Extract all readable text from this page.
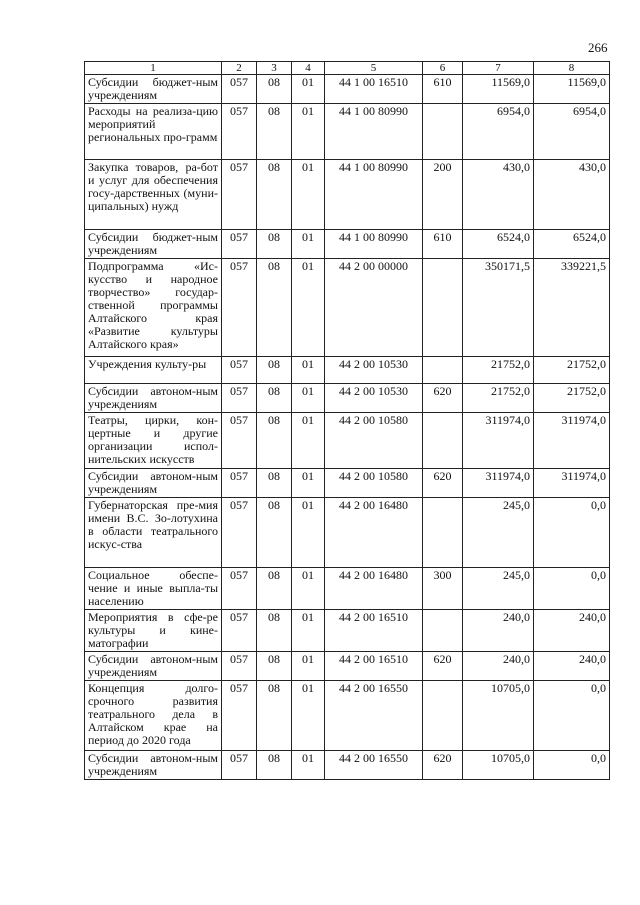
266
1	2	3	4	5	6	7	8
Субсидии бюджет-ным учреждениям	057	08	01	44 1 00 16510	610	11569,0	11569,0
Расходы на реализа-цию мероприятий региональных про-грамм	057	08	01	44 1 00 80990		6954,0	6954,0
Закупка товаров, ра-бот и услуг для обеспечения госу-дарственных (муни-ципальных) нужд	057	08	01	44 1 00 80990	200	430,0	430,0
Субсидии бюджет-ным учреждениям	057	08	01	44 1 00 80990	610	6524,0	6524,0
Подпрограмма «Ис-кусство и народное творчество» государ-ственной программы Алтайского края «Развитие культуры Алтайского края»	057	08	01	44 2 00 00000		350171,5	339221,5
Учреждения культу-ры	057	08	01	44 2 00 10530		21752,0	21752,0
Субсидии автоном-ным учреждениям	057	08	01	44 2 00 10530	620	21752,0	21752,0
Театры, цирки, кон-цертные и другие организации испол-нительских искусств	057	08	01	44 2 00 10580		311974,0	311974,0
Субсидии автоном-ным учреждениям	057	08	01	44 2 00 10580	620	311974,0	311974,0
Губернаторская пре-мия имени В.С. Зо-лотухина в области театрального искус-ства	057	08	01	44 2 00 16480		245,0	0,0
Социальное обеспе-чение и иные выпла-ты населению	057	08	01	44 2 00 16480	300	245,0	0,0
Мероприятия в сфе-ре культуры и кине-матографии	057	08	01	44 2 00 16510		240,0	240,0
Субсидии автоном-ным учреждениям	057	08	01	44 2 00 16510	620	240,0	240,0
Концепция долго-срочного развития театрального дела в Алтайском крае на период до 2020 года	057	08	01	44 2 00 16550		10705,0	0,0
Субсидии автоном-ным учреждениям	057	08	01	44 2 00 16550	620	10705,0	0,0
